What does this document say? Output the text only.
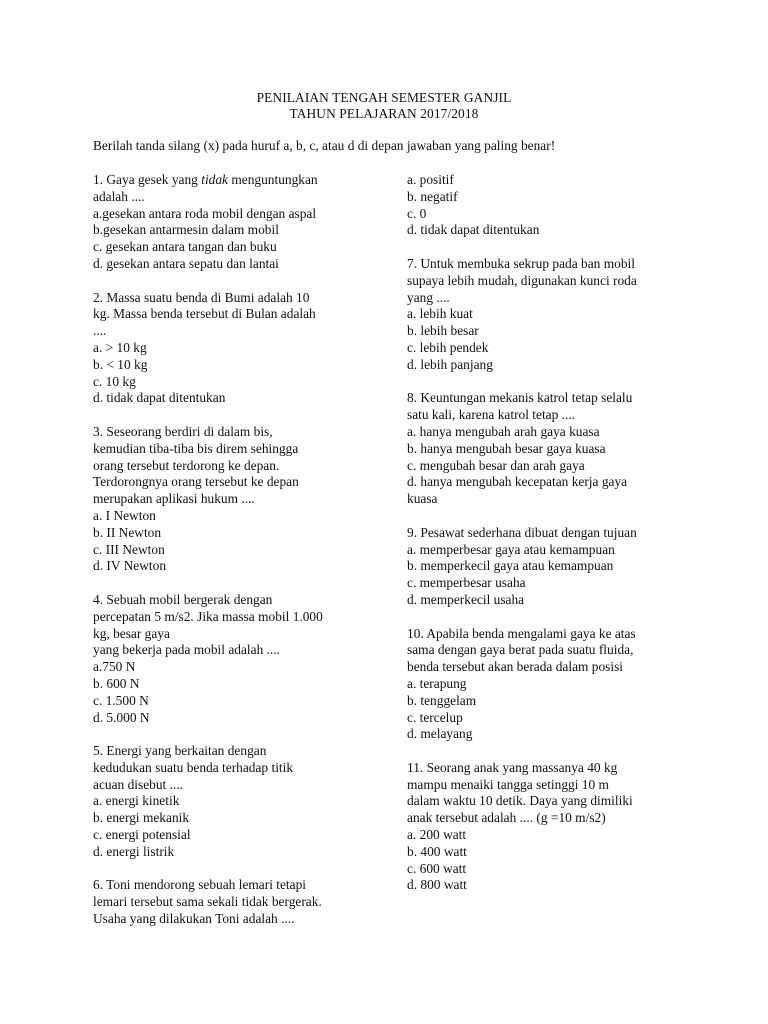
PENILAIAN TENGAH SEMESTER GANJIL
TAHUN PELAJARAN 2017/2018
Berilah tanda silang (x) pada huruf a, b, c, atau d di depan jawaban yang paling benar!
1. Gaya gesek yang tidak menguntungkan
adalah ....
a.gesekan antara roda mobil dengan aspal
b.gesekan antarmesin dalam mobil
c. gesekan antara tangan dan buku
d. gesekan antara sepatu dan lantai
2. Massa suatu benda di Bumi adalah 10
kg. Massa benda tersebut di Bulan adalah
....
a. > 10 kg
b. < 10 kg
c. 10 kg
d. tidak dapat ditentukan
3. Seseorang berdiri di dalam bis,
kemudian tiba-tiba bis direm sehingga
orang tersebut terdorong ke depan.
Terdorongnya orang tersebut ke depan
merupakan aplikasi hukum ....
a. I Newton
b. II Newton
c. III Newton
d. IV Newton
4. Sebuah mobil bergerak dengan
percepatan 5 m/s2. Jika massa mobil 1.000
kg, besar gaya
yang bekerja pada mobil adalah ....
a.750 N
b. 600 N
c. 1.500 N
d. 5.000 N
5. Energi yang berkaitan dengan
kedudukan suatu benda terhadap titik
acuan disebut ....
a. energi kinetik
b. energi mekanik
c. energi potensial
d. energi listrik
6. Toni mendorong sebuah lemari tetapi
lemari tersebut sama sekali tidak bergerak.
Usaha yang dilakukan Toni adalah ....
a. positif
b. negatif
c. 0
d. tidak dapat ditentukan
7. Untuk membuka sekrup pada ban mobil
supaya lebih mudah, digunakan kunci roda
yang ....
a. lebih kuat
b. lebih besar
c. lebih pendek
d. lebih panjang
8. Keuntungan mekanis katrol tetap selalu
satu kali, karena katrol tetap ....
a. hanya mengubah arah gaya kuasa
b. hanya mengubah besar gaya kuasa
c. mengubah besar dan arah gaya
d. hanya mengubah kecepatan kerja gaya
kuasa
9. Pesawat sederhana dibuat dengan tujuan
a. memperbesar gaya atau kemampuan
b. memperkecil gaya atau kemampuan
c. memperbesar usaha
d. memperkecil usaha
10. Apabila benda mengalami gaya ke atas
sama dengan gaya berat pada suatu fluida,
benda tersebut akan berada dalam posisi
a. terapung
b. tenggelam
c. tercelup
d. melayang
11. Seorang anak yang massanya 40 kg
mampu menaiki tangga setinggi 10 m
dalam waktu 10 detik. Daya yang dimiliki
anak tersebut adalah .... (g =10 m/s2)
a. 200 watt
b. 400 watt
c. 600 watt
d. 800 watt
